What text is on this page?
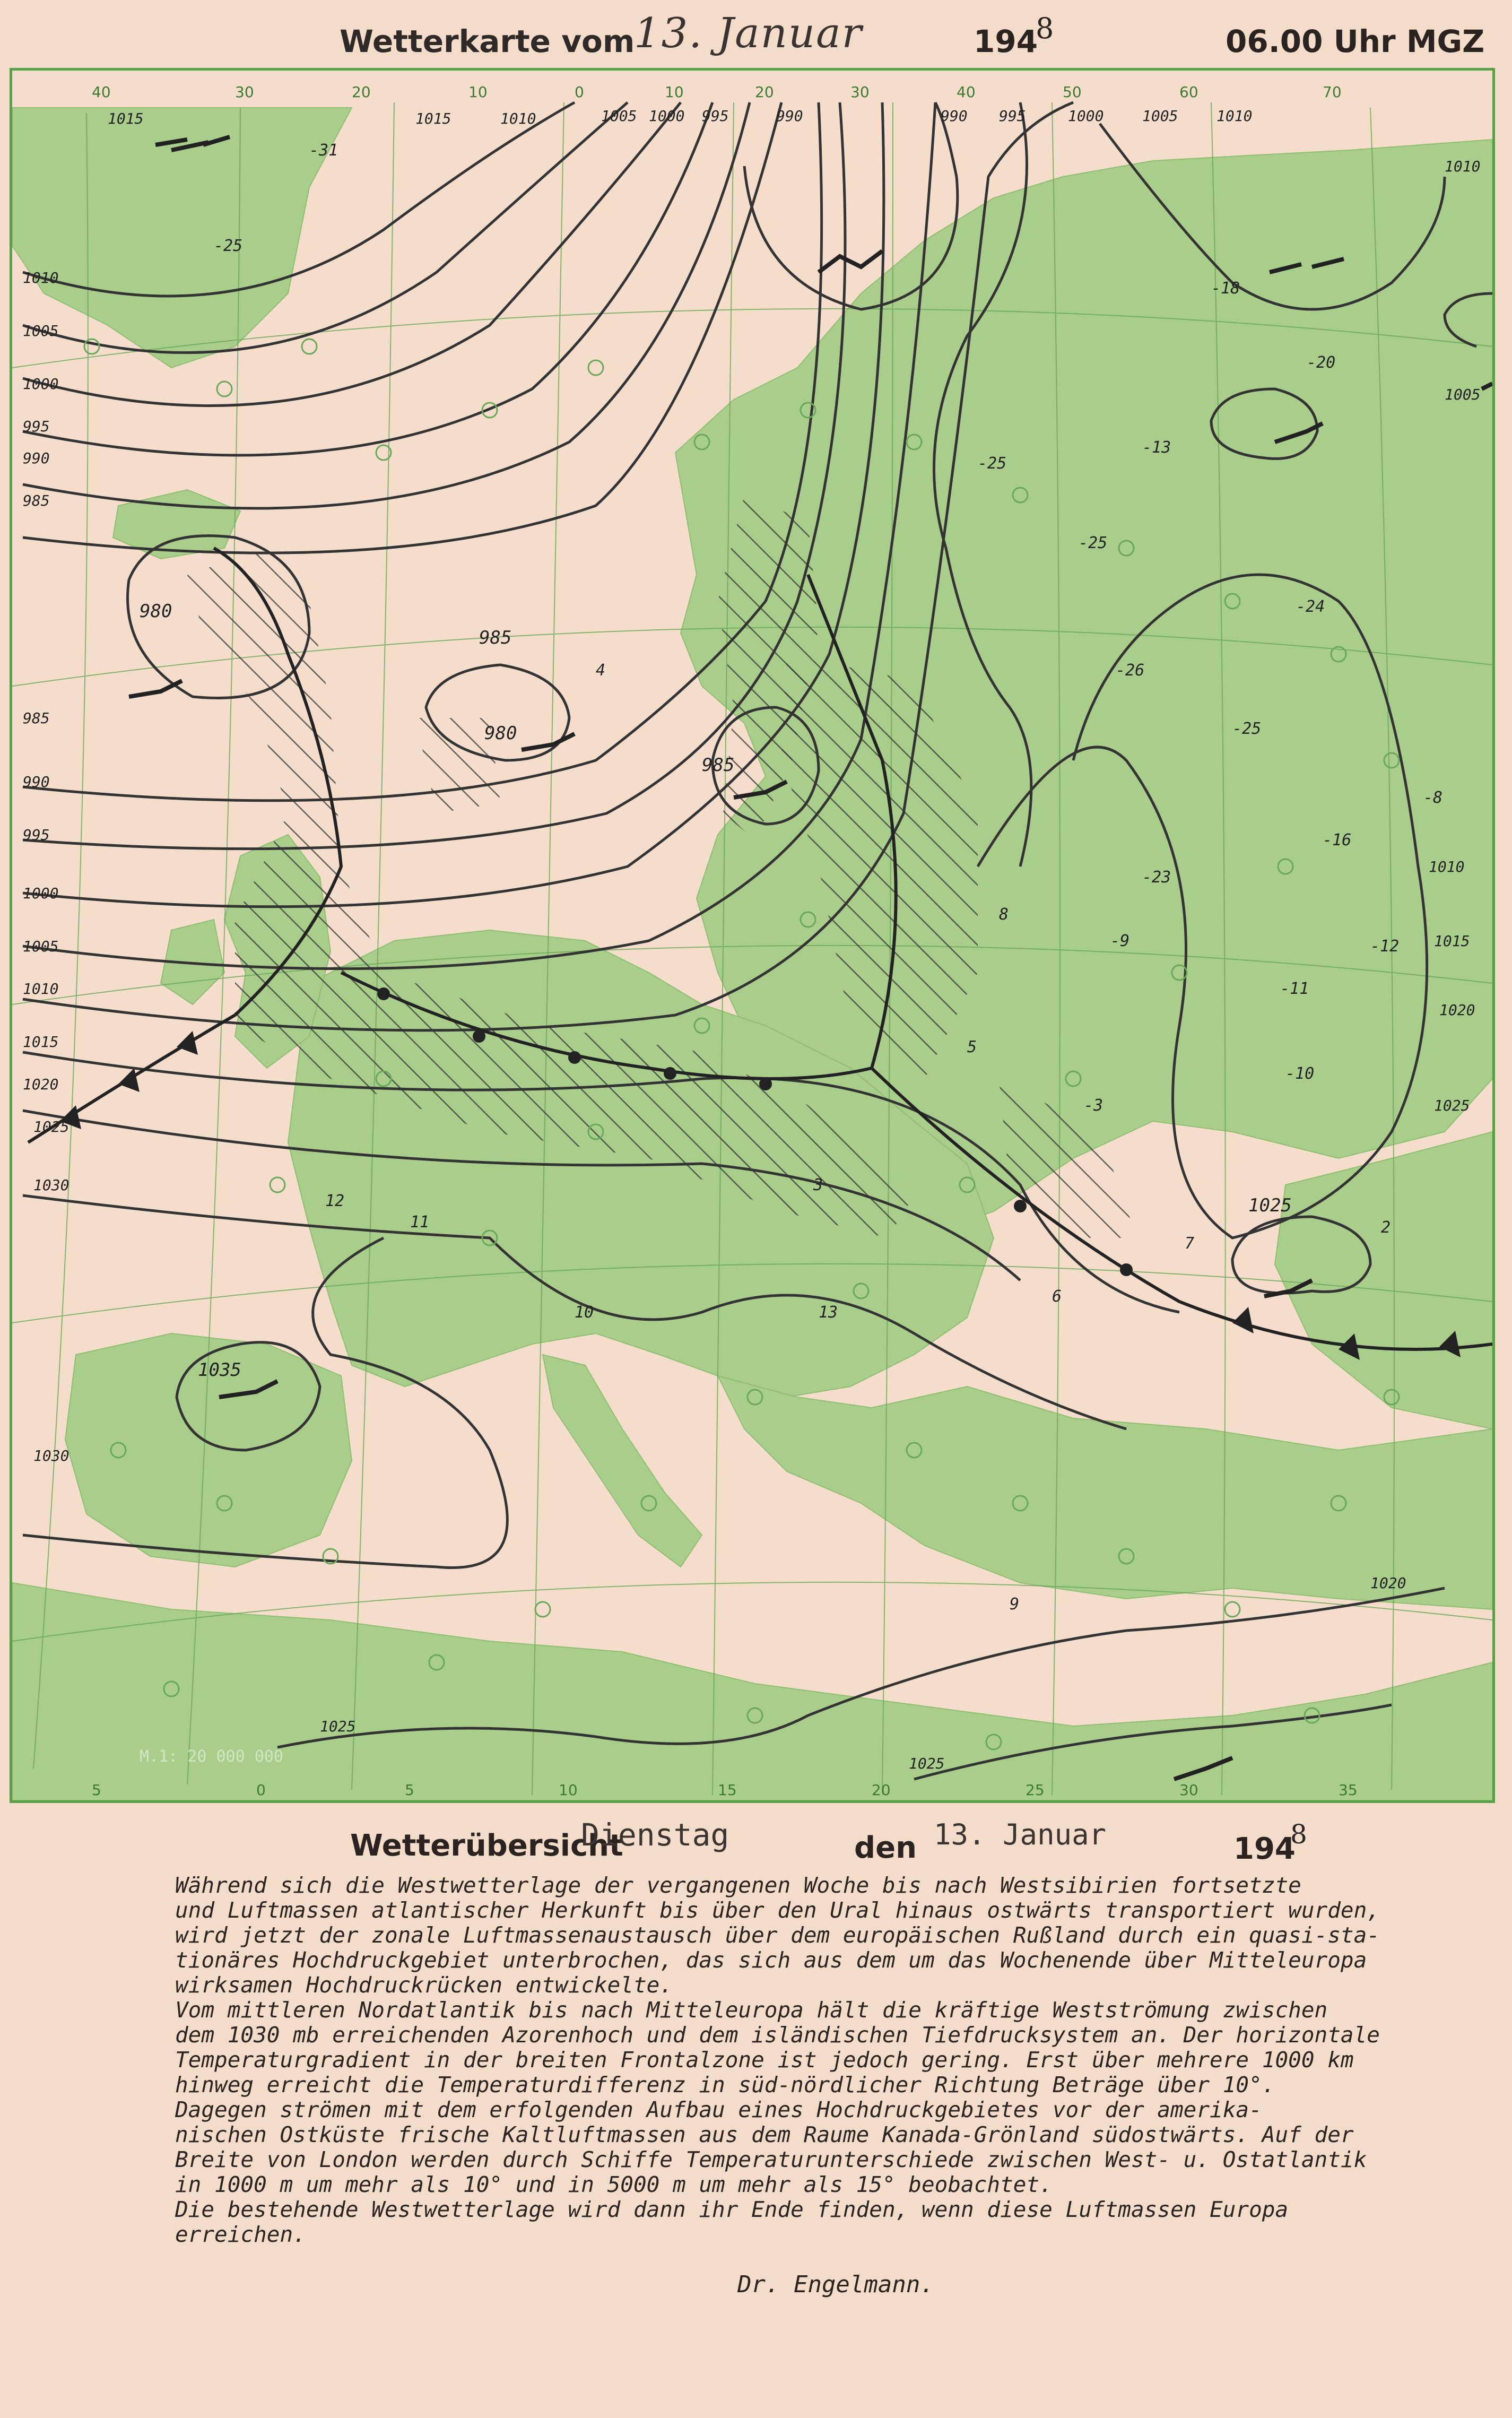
Wetterkarte vom
13. Januar	194
8	06.00 Uhr MGZ
980
985
980
985
1035
1025
1015	1015	1010	1005 1000 995	990	990 995	1000	1005	1010
1010
1005
1000
995
990
985
985
990
995
1000
1005
1010
1015
1020
1025
1030
1030
1010
1005
1010
1015
1020
1025
1025
1025
1020
40	30	20	10	0	10	20	30	40	50	60	70
5	0	5	10	15	20	25	30	35
-31
-25
-18
-20
-13
-25
-25
-26
-25
-24
-8
-16
-12
-11
-10
-23
-9
-3
2
3
4
5
6
7
8
9
10
11
12
13
M.1: 20 000 000
Wetterübersicht
Dienstag	den 13. Januar	194
8
Während sich die Westwetterlage der vergangenen Woche bis nach Westsibirien fortsetzte
und Luftmassen atlantischer Herkunft bis über den Ural hinaus ostwärts transportiert wurden,
wird jetzt der zonale Luftmassenaustausch über dem europäischen Rußland durch ein quasi-sta-
tionäres Hochdruckgebiet unterbrochen, das sich aus dem um das Wochenende über Mitteleuropa
wirksamen Hochdruckrücken entwickelte.
Vom mittleren Nordatlantik bis nach Mitteleuropa hält die kräftige Westströmung zwischen
dem 1030 mb erreichenden Azorenhoch und dem isländischen Tiefdrucksystem an. Der horizontale
Temperaturgradient in der breiten Frontalzone ist jedoch gering. Erst über mehrere 1000 km
hinweg erreicht die Temperaturdifferenz in süd-nördlicher Richtung Beträge über 10°.
Dagegen strömen mit dem erfolgenden Aufbau eines Hochdruckgebietes vor der amerika-
nischen Ostküste frische Kaltluftmassen aus dem Raume Kanada-Grönland südostwärts. Auf der
Breite von London werden durch Schiffe Temperaturunterschiede zwischen West- u. Ostatlantik
in 1000 m um mehr als 10° und in 5000 m um mehr als 15° beobachtet.
Die bestehende Westwetterlage wird dann ihr Ende finden, wenn diese Luftmassen Europa
erreichen.
Dr. Engelmann.
